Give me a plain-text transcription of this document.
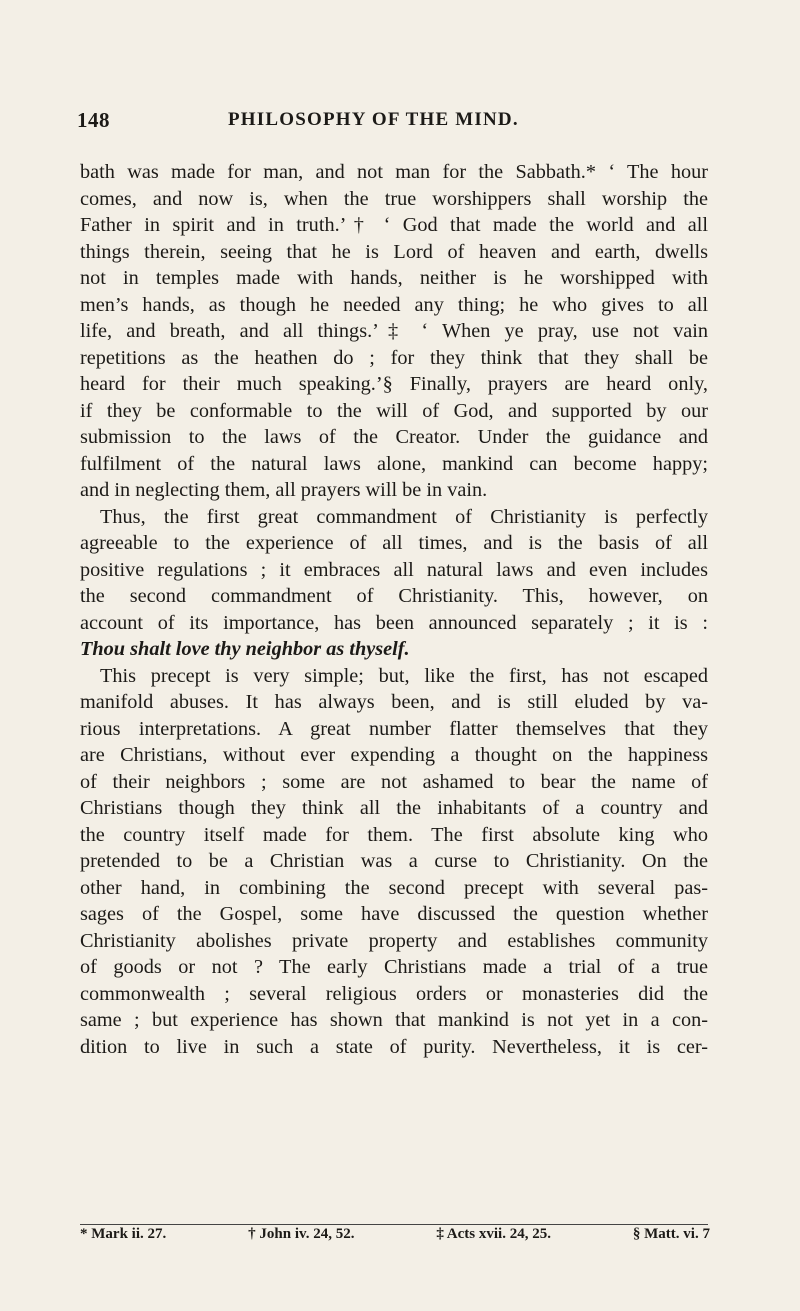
148	PHILOSOPHY OF THE MIND.
bath was made for man, and not man for the Sabbath.* ‘ The hour
comes, and now is, when the true worshippers shall worship the
Father in spirit and in truth.’† ‘ God that made the world and all
things therein, seeing that he is Lord of heaven and earth, dwells
not in temples made with hands, neither is he worshipped with
men’s hands, as though he needed any thing; he who gives to all
life, and breath, and all things.’‡ ‘ When ye pray, use not vain
repetitions as the heathen do ; for they think that they shall be
heard for their much speaking.’§ Finally, prayers are heard only,
if they be conformable to the will of God, and supported by our
submission to the laws of the Creator. Under the guidance and
fulfilment of the natural laws alone, mankind can become happy;
and in neglecting them, all prayers will be in vain.
Thus, the first great commandment of Christianity is perfectly
agreeable to the experience of all times, and is the basis of all
positive regulations ; it embraces all natural laws and even includes
the second commandment of Christianity. This, however, on
account of its importance, has been announced separately ; it is :
Thou shalt love thy neighbor as thyself.
This precept is very simple; but, like the first, has not escaped
manifold abuses. It has always been, and is still eluded by va-
rious interpretations. A great number flatter themselves that they
are Christians, without ever expending a thought on the happiness
of their neighbors ; some are not ashamed to bear the name of
Christians though they think all the inhabitants of a country and
the country itself made for them. The first absolute king who
pretended to be a Christian was a curse to Christianity. On the
other hand, in combining the second precept with several pas-
sages of the Gospel, some have discussed the question whether
Christianity abolishes private property and establishes community
of goods or not ? The early Christians made a trial of a true
commonwealth ; several religious orders or monasteries did the
same ; but experience has shown that mankind is not yet in a con-
dition to live in such a state of purity. Nevertheless, it is cer-
* Mark ii. 27.	† John iv. 24, 52.	‡ Acts xvii. 24, 25.	§ Matt. vi. 7
